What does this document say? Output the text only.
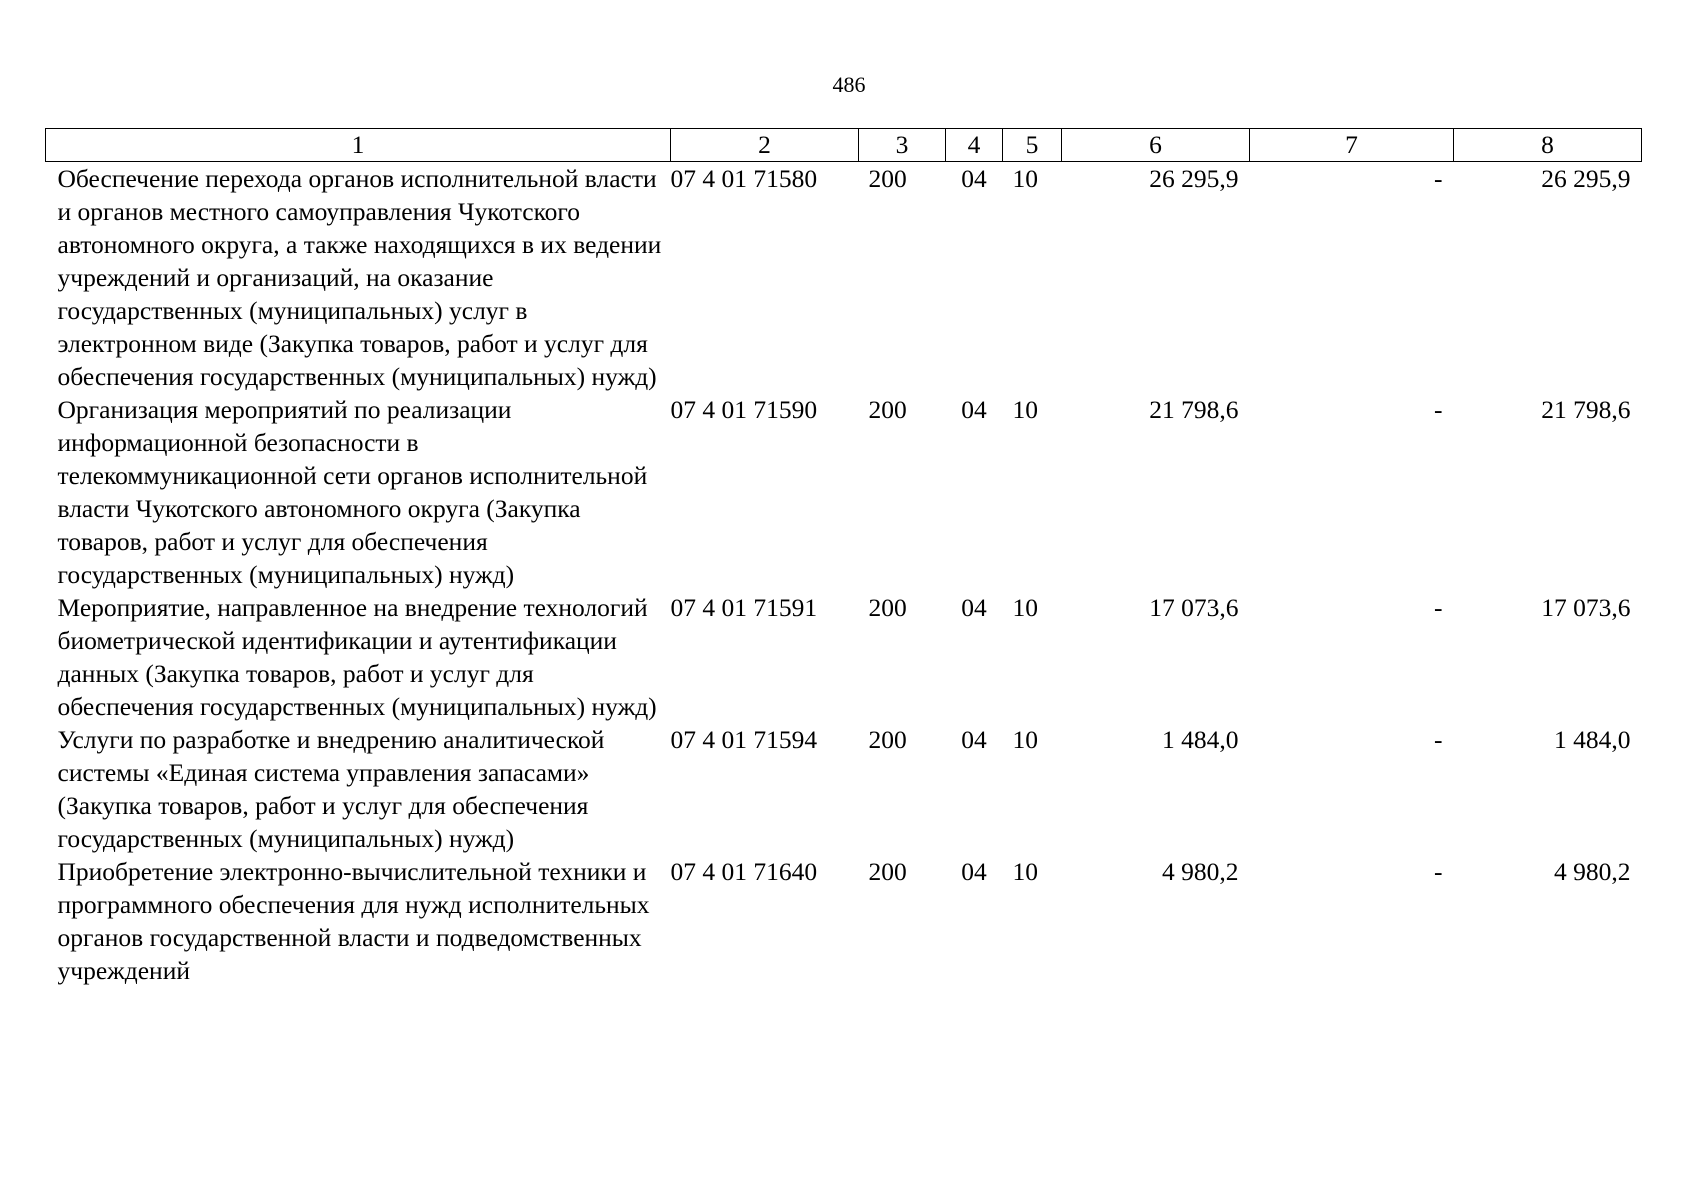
486
1	2	3	4	5	6	7	8
Обеспечение перехода органов исполнительной власти и органов местного самоуправления Чукотского автономного округа, а также находящихся в их ведении учреждений и организаций, на оказание государственных (муниципальных) услуг в электронном виде (Закупка товаров, работ и услуг для обеспечения государственных (муниципальных) нужд)	07 4 01 71580	200	04	10	26 295,9	-	26 295,9
Организация мероприятий по реализации информационной безопасности в телекоммуникационной сети органов исполнительной власти Чукотского автономного округа (Закупка товаров, работ и услуг для обеспечения государственных (муниципальных) нужд)	07 4 01 71590	200	04	10	21 798,6	-	21 798,6
Мероприятие, направленное на внедрение технологий биометрической идентификации и аутентификации данных (Закупка товаров, работ и услуг для обеспечения государственных (муниципальных) нужд)	07 4 01 71591	200	04	10	17 073,6	-	17 073,6
Услуги по разработке и внедрению аналитической системы «Единая система управления запасами» (Закупка товаров, работ и услуг для обеспечения государственных (муниципальных) нужд)	07 4 01 71594	200	04	10	1 484,0	-	1 484,0
Приобретение электронно-вычислительной техники и программного обеспечения для нужд исполнительных органов государственной власти и подведомственных учреждений	07 4 01 71640	200	04	10	4 980,2	-	4 980,2
